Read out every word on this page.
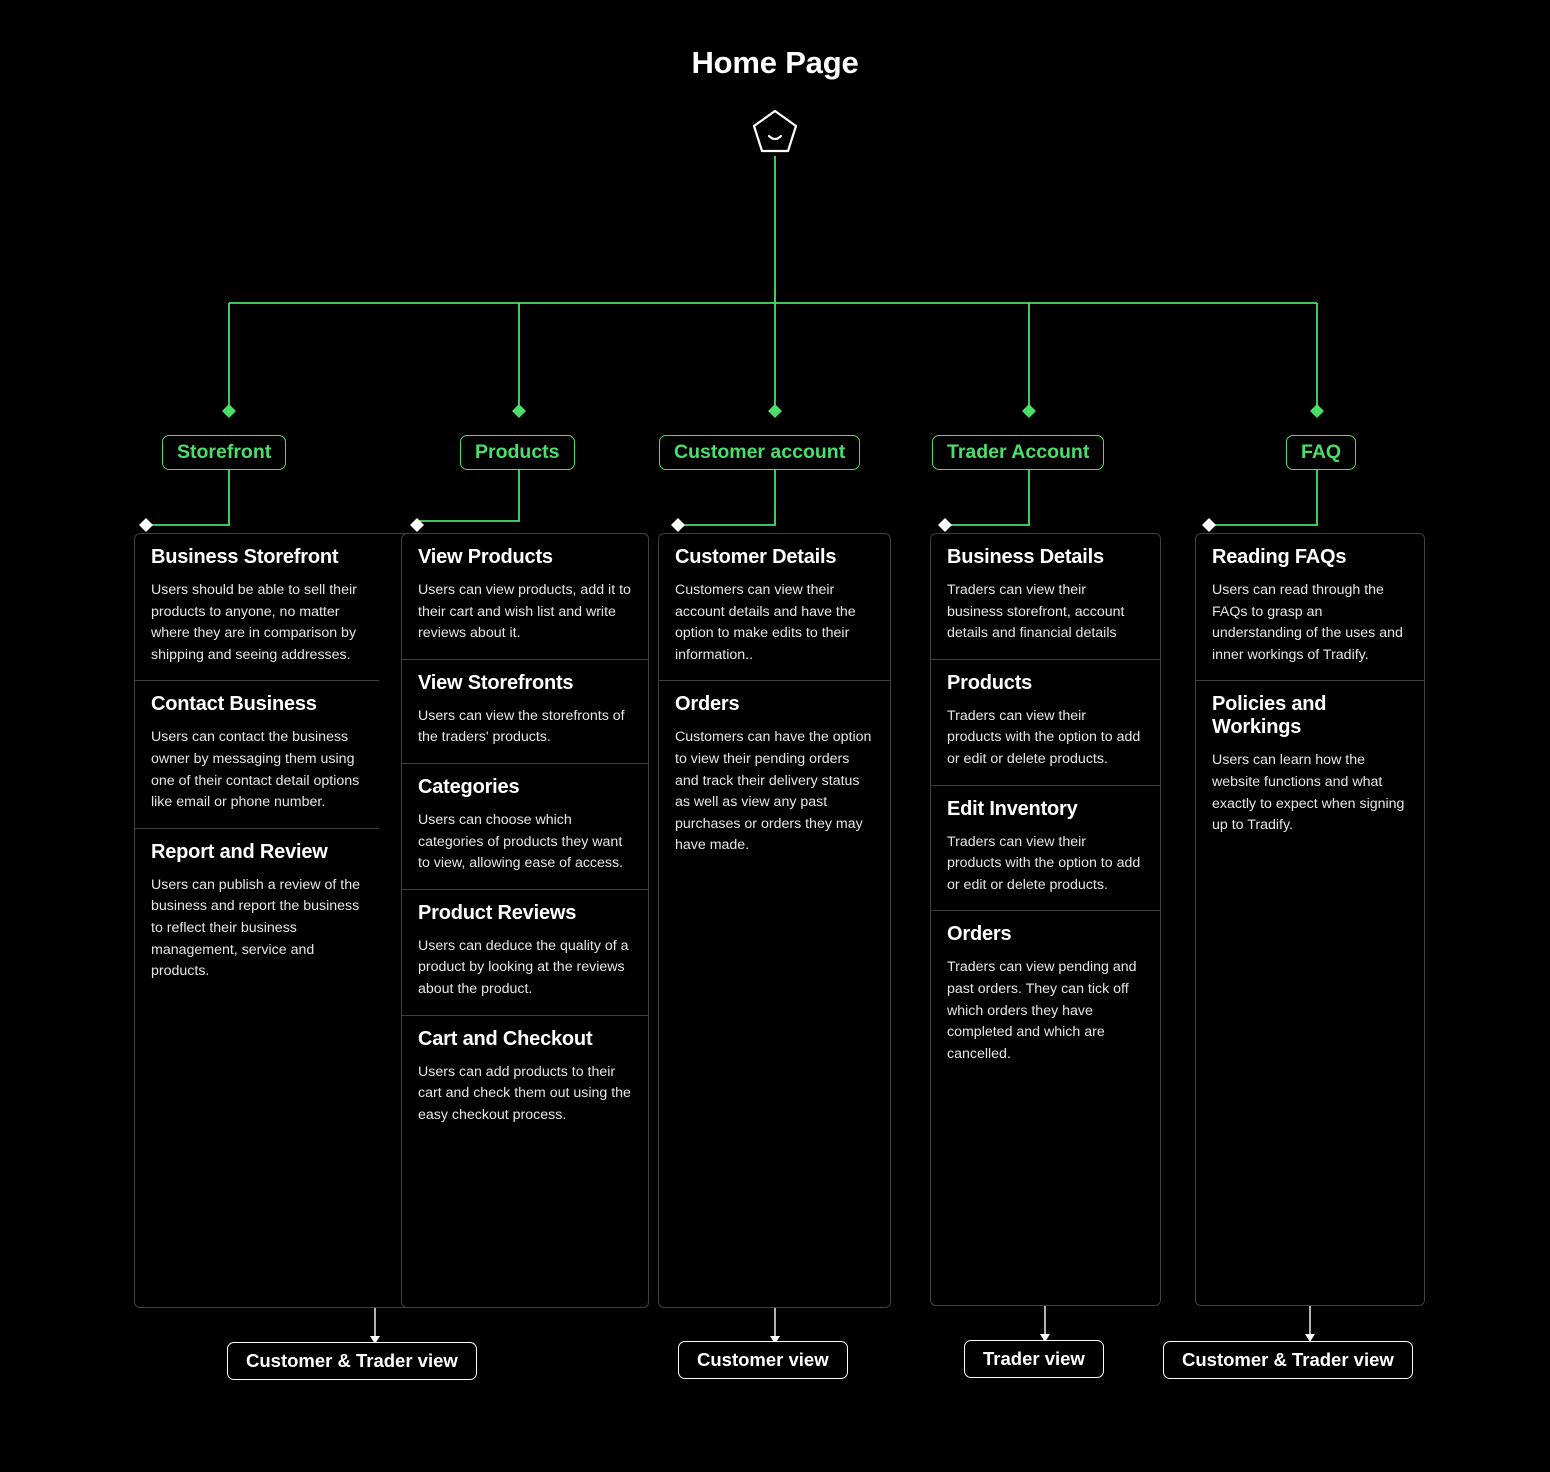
Home Page
Storefront	Products	Customer account	Trader Account	FAQ
Business Storefront

Users should be able to sell their products to anyone, no matter where they are in comparison by shipping and seeing addresses.

Contact Business

Users can contact the business owner by messaging them using one of their contact detail options like email or phone number.

Report and Review

Users can publish a review of the business and report the business to reflect their business management, service and products.

View Products

Users can view products, add it to their cart and wish list and write reviews about it.

View Storefronts

Users can view the storefronts of the traders' products.

Categories

Users can choose which categories of products they want to view, allowing ease of access.

Product Reviews

Users can deduce the quality of a product by looking at the reviews about the product.

Cart and Checkout

Users can add products to their cart and check them out using the easy checkout process.

Customer Details

Customers can view their account details and have the option to make edits to their information..

Orders

Customers can have the option to view their pending orders and track their delivery status as well as view any past purchases or orders they may have made.

Business Details

Traders can view their business storefront, account details and financial details

Products

Traders can view their products with the option to add or edit or delete products.

Edit Inventory

Traders can view their products with the option to add or edit or delete products.

Orders

Traders can view pending and past orders. They can tick off which orders they have completed and which are cancelled.

Reading FAQs

Users can read through the FAQs to grasp an understanding of the uses and inner workings of Tradify.

Policies and Workings

Users can learn how the website functions and what exactly to expect when signing up to Tradify.

Customer & Trader view	Customer view	Trader view	Customer & Trader view
